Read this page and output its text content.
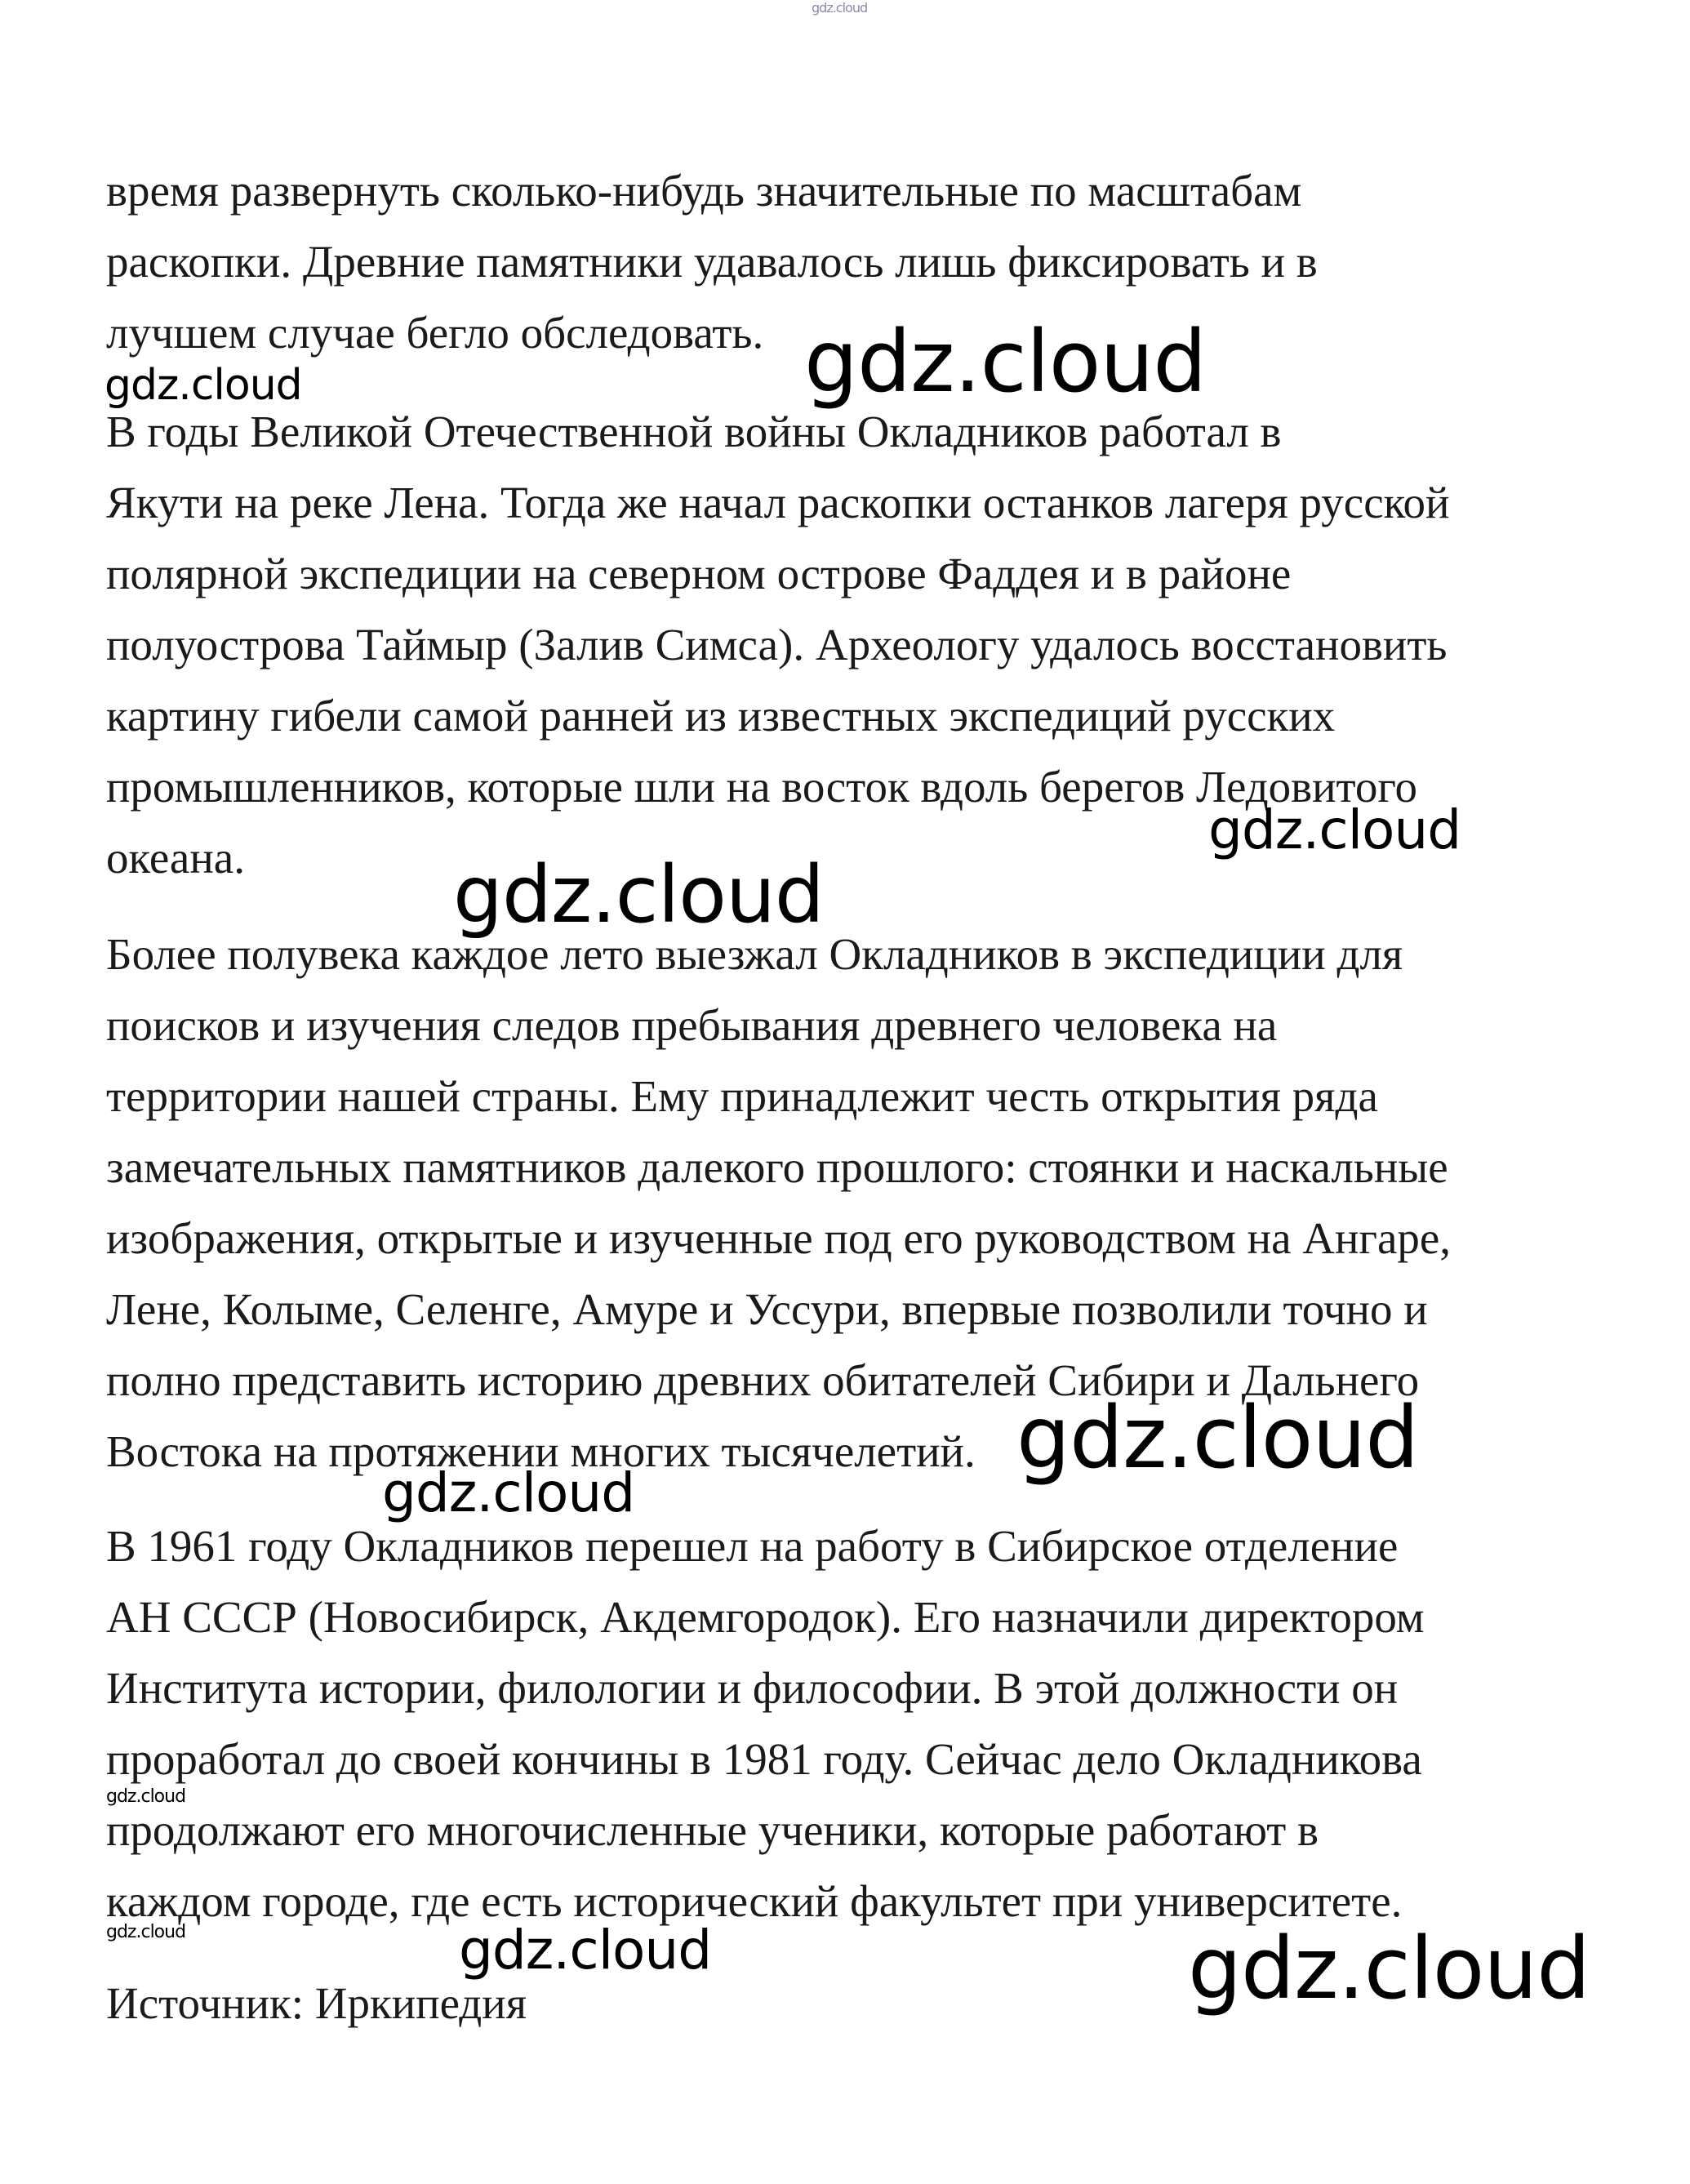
время развернуть сколько-нибудь значительные по масштабам
раскопки. Древние памятники удавалось лишь фиксировать и в
лучшем случае бегло обследовать.
В годы Великой Отечественной войны Окладников работал в
Якути на реке Лена. Тогда же начал раскопки останков лагеря русской
полярной экспедиции на северном острове Фаддея и в районе
полуострова Таймыр (Залив Симса). Археологу удалось восстановить
картину гибели самой ранней из известных экспедиций русских
промышленников, которые шли на восток вдоль берегов Ледовитого
океана.
Более полувека каждое лето выезжал Окладников в экспедиции для
поисков и изучения следов пребывания древнего человека на
территории нашей страны. Ему принадлежит честь открытия ряда
замечательных памятников далекого прошлого: стоянки и наскальные
изображения, открытые и изученные под его руководством на Ангаре,
Лене, Колыме, Селенге, Амуре и Уссури, впервые позволили точно и
полно представить историю древних обитателей Сибири и Дальнего
Востока на протяжении многих тысячелетий.
В 1961 году Окладников перешел на работу в Сибирское отделение
АН СССР (Новосибирск, Акдемгородок). Его назначили директором
Института истории, филологии и философии. В этой должности он
проработал до своей кончины в 1981 году. Сейчас дело Окладникова
продолжают его многочисленные ученики, которые работают в
каждом городе, где есть исторический факультет при университете.
Источник: Иркипедия
gdz.cloud
gdz.cloud
gdz.cloud
gdz.cloud
gdz.cloud
gdz.cloud
gdz.cloud
gdz.cloud
gdz.cloud	gdz.cloud	gdz.cloud
